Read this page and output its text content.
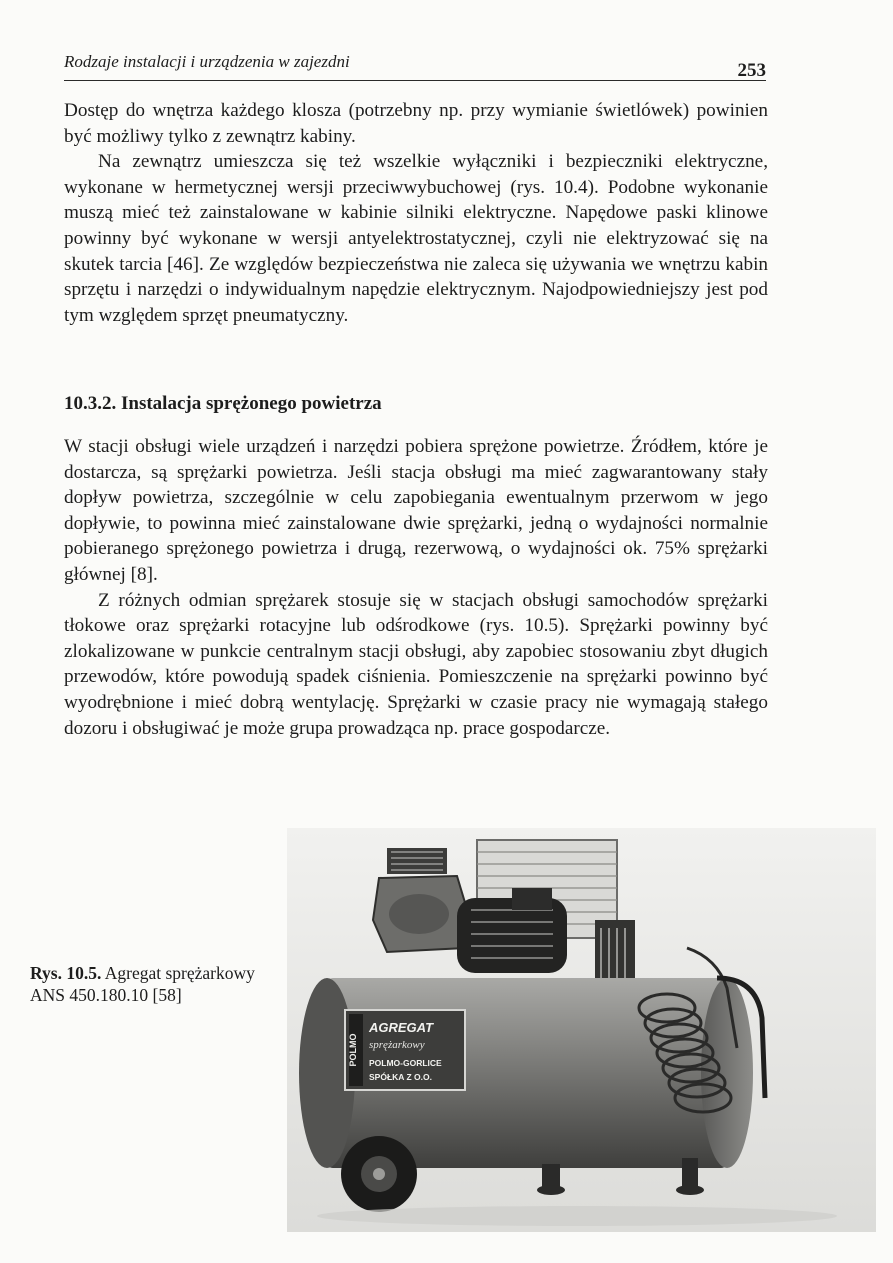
Rodzaje instalacji i urządzenia w zajezdni	253

Dostęp do wnętrza każdego klosza (potrzebny np. przy wymianie świetlówek) powinien być możliwy tylko z zewnątrz kabiny.

Na zewnątrz umieszcza się też wszelkie wyłączniki i bezpieczniki elektryczne, wykonane w hermetycznej wersji przeciwwybuchowej (rys. 10.4). Podobne wykonanie muszą mieć też zainstalowane w kabinie silniki elektryczne. Napędowe paski klinowe powinny być wykonane w wersji antyelektrostatycznej, czyli nie elektryzować się na skutek tarcia [46]. Ze względów bezpieczeństwa nie zaleca się używania we wnętrzu kabin sprzętu i narzędzi o indywidualnym napędzie elektrycznym. Najodpowiedniejszy jest pod tym względem sprzęt pneumatyczny.

10.3.2. Instalacja sprężonego powietrza

W stacji obsługi wiele urządzeń i narzędzi pobiera sprężone powietrze. Źródłem, które je dostarcza, są sprężarki powietrza. Jeśli stacja obsługi ma mieć zagwarantowany stały dopływ powietrza, szczególnie w celu zapobiegania ewentualnym przerwom w jego dopływie, to powinna mieć zainstalowane dwie sprężarki, jedną o wydajności normalnie pobieranego sprężonego powietrza i drugą, rezerwową, o wydajności ok. 75% sprężarki głównej [8].

Z różnych odmian sprężarek stosuje się w stacjach obsługi samochodów sprężarki tłokowe oraz sprężarki rotacyjne lub odśrodkowe (rys. 10.5). Sprężarki powinny być zlokalizowane w punkcie centralnym stacji obsługi, aby zapobiec stosowaniu zbyt długich przewodów, które powodują spadek ciśnienia. Pomieszczenie na sprężarki powinno być wyodrębnione i mieć dobrą wentylację. Sprężarki w czasie pracy nie wymagają stałego dozoru i obsługiwać je może grupa prowadząca np. prace gospodarcze.

POLMO
AGREGAT
sprężarkowy
POLMO-GORLICE
SPÓŁKA Z O.O.
Rys. 10.5. Agregat sprężarkowy ANS 450.180.10 [58]
